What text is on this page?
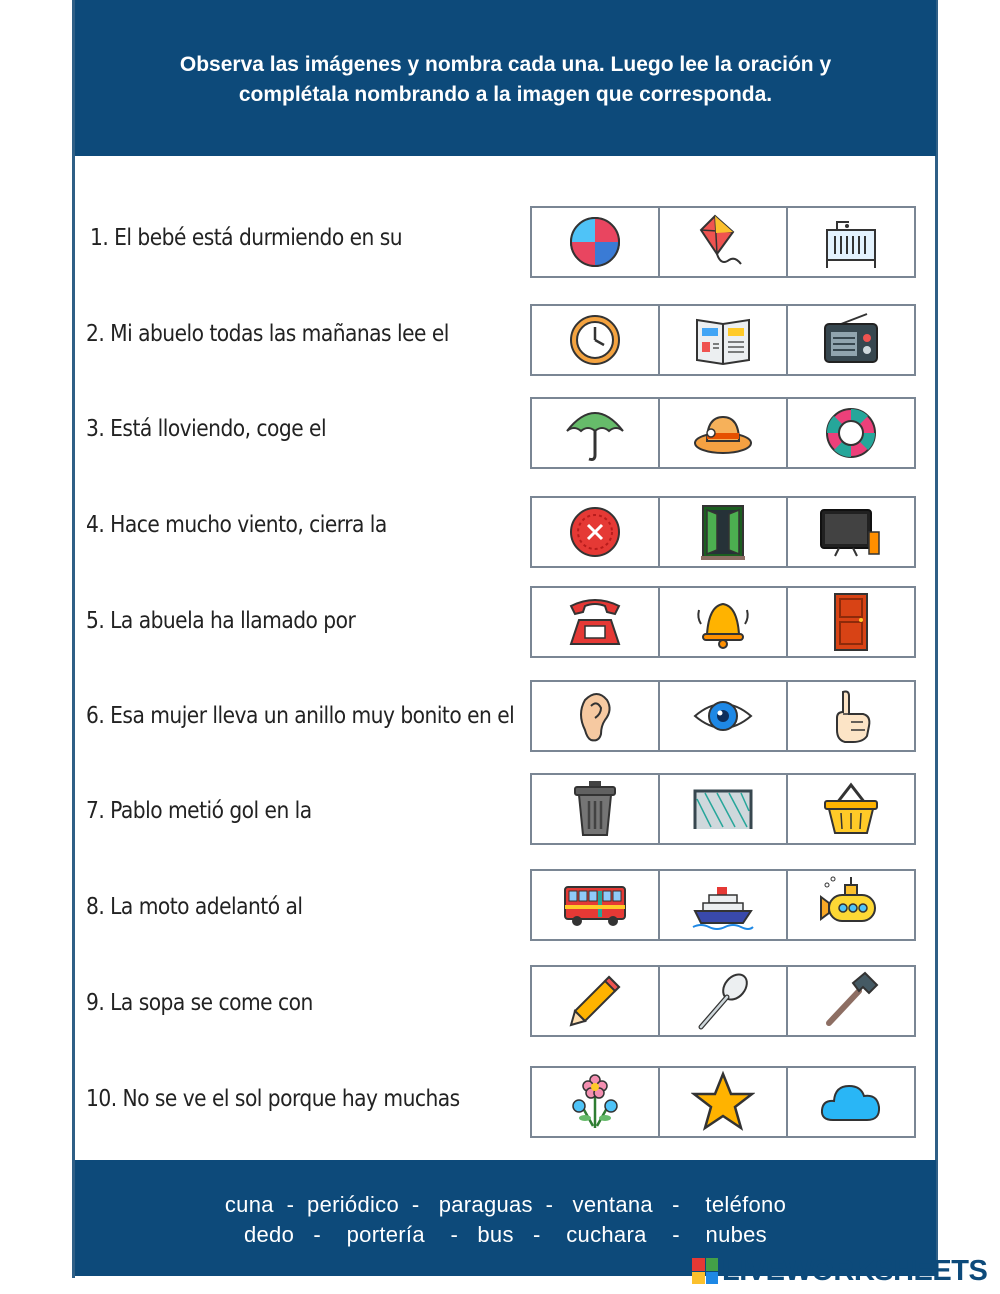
Observa las imágenes y nombra cada una. Luego lee la oración y
complétala nombrando a la imagen que corresponda.
1. El bebé está durmiendo en su
2. Mi abuelo todas las mañanas lee el
3. Está lloviendo, coge el
4. Hace mucho viento, cierra la
5. La abuela ha llamado por
6. Esa mujer lleva un anillo muy bonito en el
7. Pablo metió gol en la
8. La moto adelantó al
9. La sopa se come con
10. No se ve el sol porque hay muchas
cuna  -  periódico  -   paraguas  -   ventana   -    teléfono
dedo   -    portería    -   bus   -    cuchara    -    nubes
LIVEWORKSHEETS
